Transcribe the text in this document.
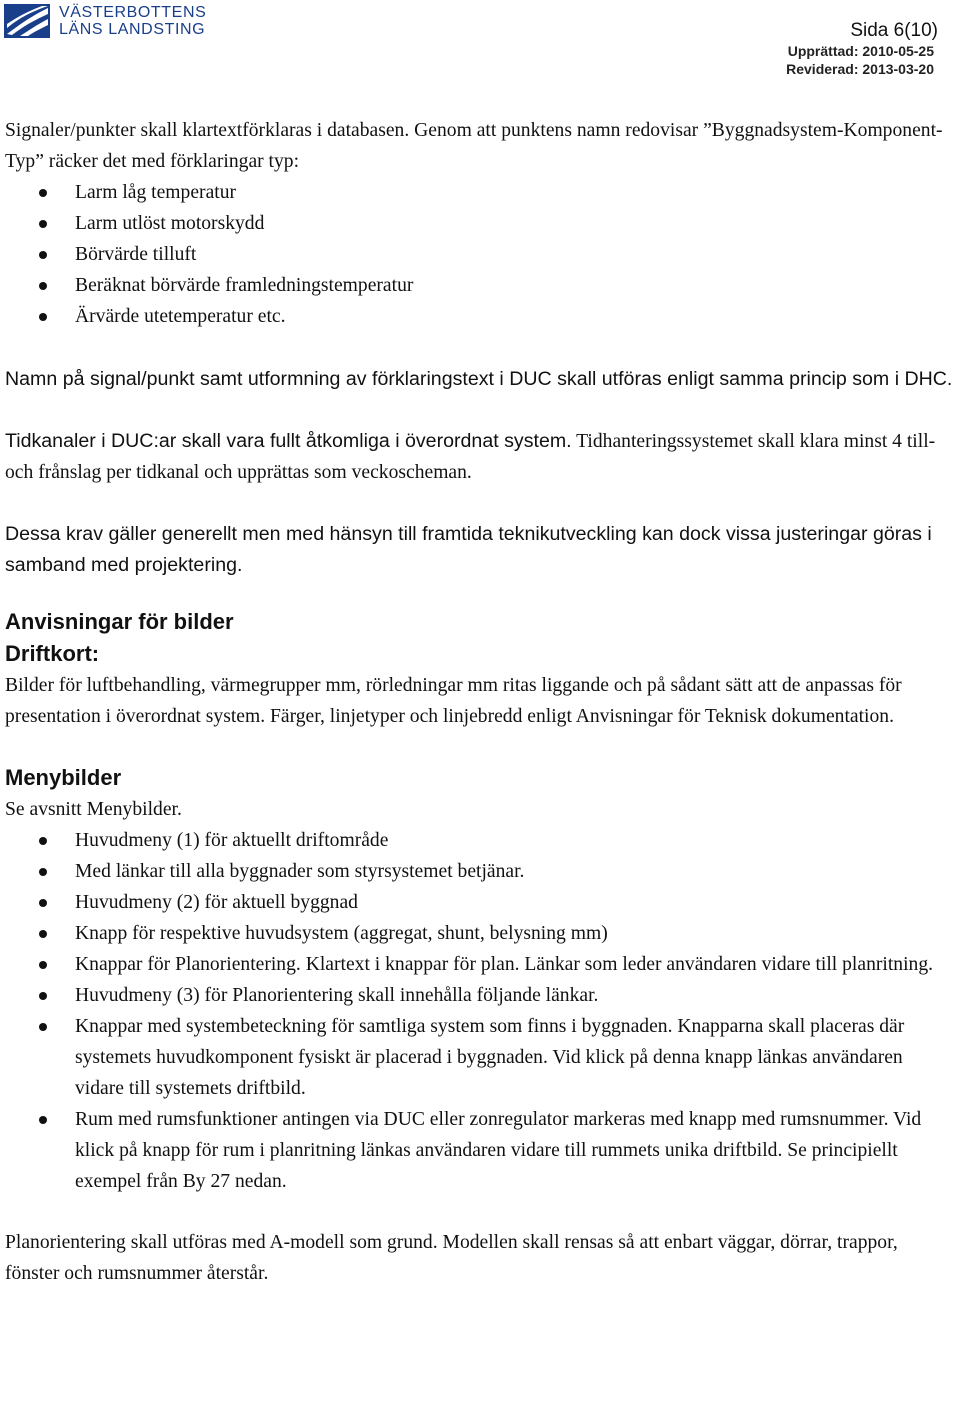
VÄSTERBOTTENS
LÄNS LANDSTING	Sida 6(10)
Upprättad: 2010-05-25
Reviderad: 2013-03-20

Signaler/punkter skall klartextförklaras i databasen. Genom att punktens namn redovisar ”Byggnadsystem-Komponent-Typ” räcker det med förklaringar typ:

Larm låg temperatur
Larm utlöst motorskydd
Börvärde tilluft
Beräknat börvärde framledningstemperatur
Ärvärde utetemperatur etc.

Namn på signal/punkt samt utformning av förklaringstext i DUC skall utföras enligt samma princip som i DHC.

Tidkanaler i DUC:ar skall vara fullt åtkomliga i överordnat system. Tidhanteringssystemet skall klara minst 4 till- och frånslag per tidkanal och upprättas som veckoscheman.

Dessa krav gäller generellt men med hänsyn till framtida teknikutveckling kan dock vissa justeringar göras i samband med projektering.

Anvisningar för bilder
Driftkort:

Bilder för luftbehandling, värmegrupper mm, rörledningar mm ritas liggande och på sådant sätt att de anpassas för presentation i överordnat system. Färger, linjetyper och linjebredd enligt Anvisningar för Teknisk dokumentation.

Menybilder

Se avsnitt Menybilder.

Huvudmeny (1) för aktuellt driftområde
Med länkar till alla byggnader som styrsystemet betjänar.
Huvudmeny (2) för aktuell byggnad
Knapp för respektive huvudsystem (aggregat, shunt, belysning mm)
Knappar för Planorientering. Klartext i knappar för plan. Länkar som leder användaren vidare till planritning.
Huvudmeny (3) för Planorientering skall innehålla följande länkar.
Knappar med systembeteckning för samtliga system som finns i byggnaden. Knapparna skall placeras där systemets huvudkomponent fysiskt är placerad i byggnaden. Vid klick på denna knapp länkas användaren vidare till systemets driftbild.
Rum med rumsfunktioner antingen via DUC eller zonregulator markeras med knapp med rumsnummer. Vid klick på knapp för rum i planritning länkas användaren vidare till rummets unika driftbild. Se principiellt exempel från By 27 nedan.

Planorientering skall utföras med A-modell som grund. Modellen skall rensas så att enbart väggar, dörrar, trappor, fönster och rumsnummer återstår.
